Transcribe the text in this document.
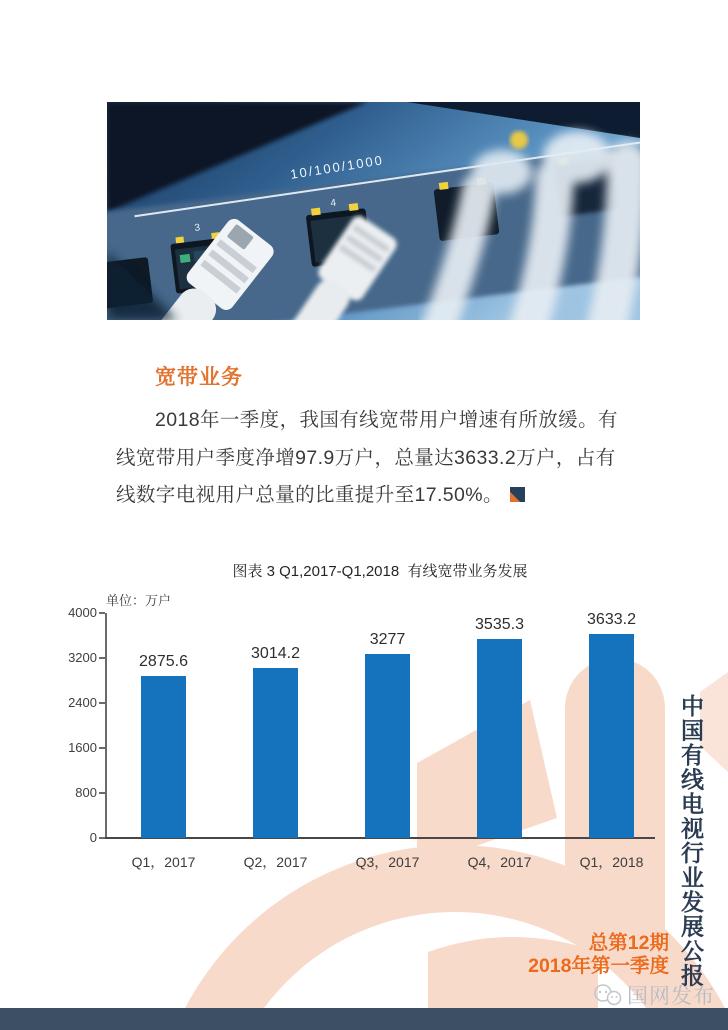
10/100/1000
3
4
宽带业务

2018年一季度，我国有线宽带用户增速有所放缓。有线宽带用户季度净增97.9万户，总量达3633.2万户，占有线数字电视用户总量的比重提升至17.50%。

图表 3 Q1,2017-Q1,2018  有线宽带业务发展
单位：万户
0
800
1600
2400
3200
4000
2875.6
Q1，2017
3014.2
Q2，2017
3277
Q3，2017
3535.3
Q4，2017
3633.2
Q1，2018	中国有线电视行业发展公报
总第12期
2018年第一季度
国网发布
